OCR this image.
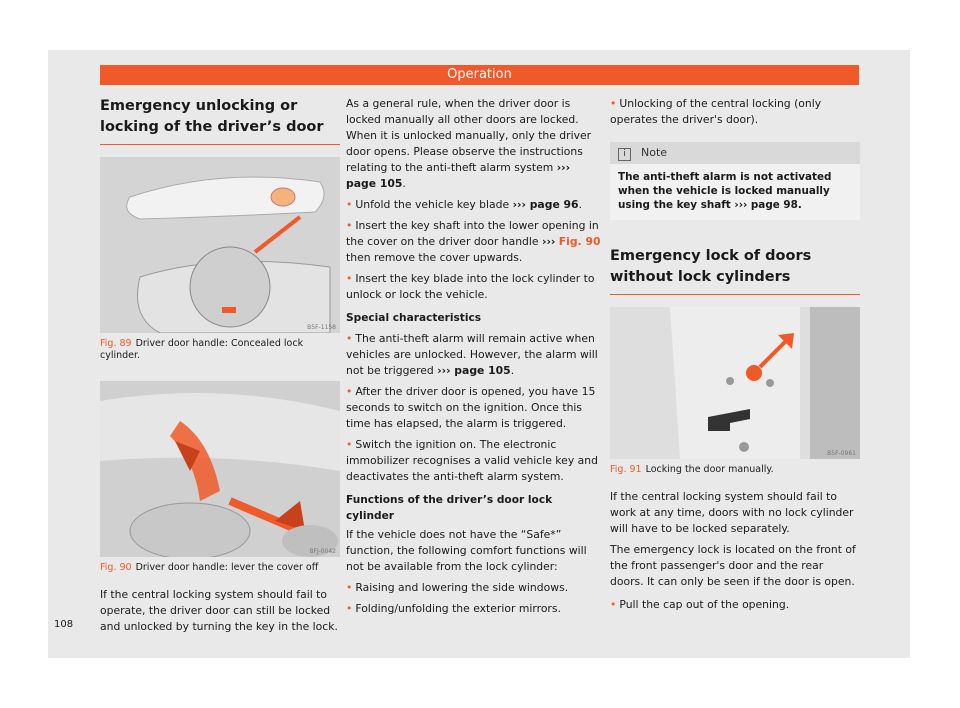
Operation
Emergency unlocking or locking of the driver’s door
B5F-1158
Fig. 89 Driver door handle: Concealed lock cylinder.
BFJ-0042
Fig. 90 Driver door handle: lever the cover off

If the central locking system should fail to operate, the driver door can still be locked and unlocked by turning the key in the lock.

As a general rule, when the driver door is locked manually all other doors are locked. When it is unlocked manually, only the driver door opens. Please observe the instructions relating to the anti-theft alarm system ››› page 105.

• Unfold the vehicle key blade ››› page 96.
• Insert the key shaft into the lower opening in the cover on the driver door handle ››› Fig. 90 then remove the cover upwards.
• Insert the key blade into the lock cylinder to unlock or lock the vehicle.
Special characteristics
• The anti-theft alarm will remain active when vehicles are unlocked. However, the alarm will not be triggered ››› page 105.
• After the driver door is opened, you have 15 seconds to switch on the ignition. Once this time has elapsed, the alarm is triggered.
• Switch the ignition on. The electronic immobilizer recognises a valid vehicle key and deactivates the anti-theft alarm system.
Functions of the driver’s door lock cylinder

If the vehicle does not have the “Safe*” function, the following comfort functions will not be available from the lock cylinder:

• Raising and lowering the side windows.
• Folding/unfolding the exterior mirrors.
• Unlocking of the central locking (only operates the driver's door).
i Note
The anti-theft alarm is not activated when the vehicle is locked manually using the key shaft ››› page 98.
Emergency lock of doors without lock cylinders
B5F-0961
Fig. 91 Locking the door manually.

If the central locking system should fail to work at any time, doors with no lock cylinder will have to be locked separately.

The emergency lock is located on the front of the front passenger's door and the rear doors. It can only be seen if the door is open.

• Pull the cap out of the opening.
108
